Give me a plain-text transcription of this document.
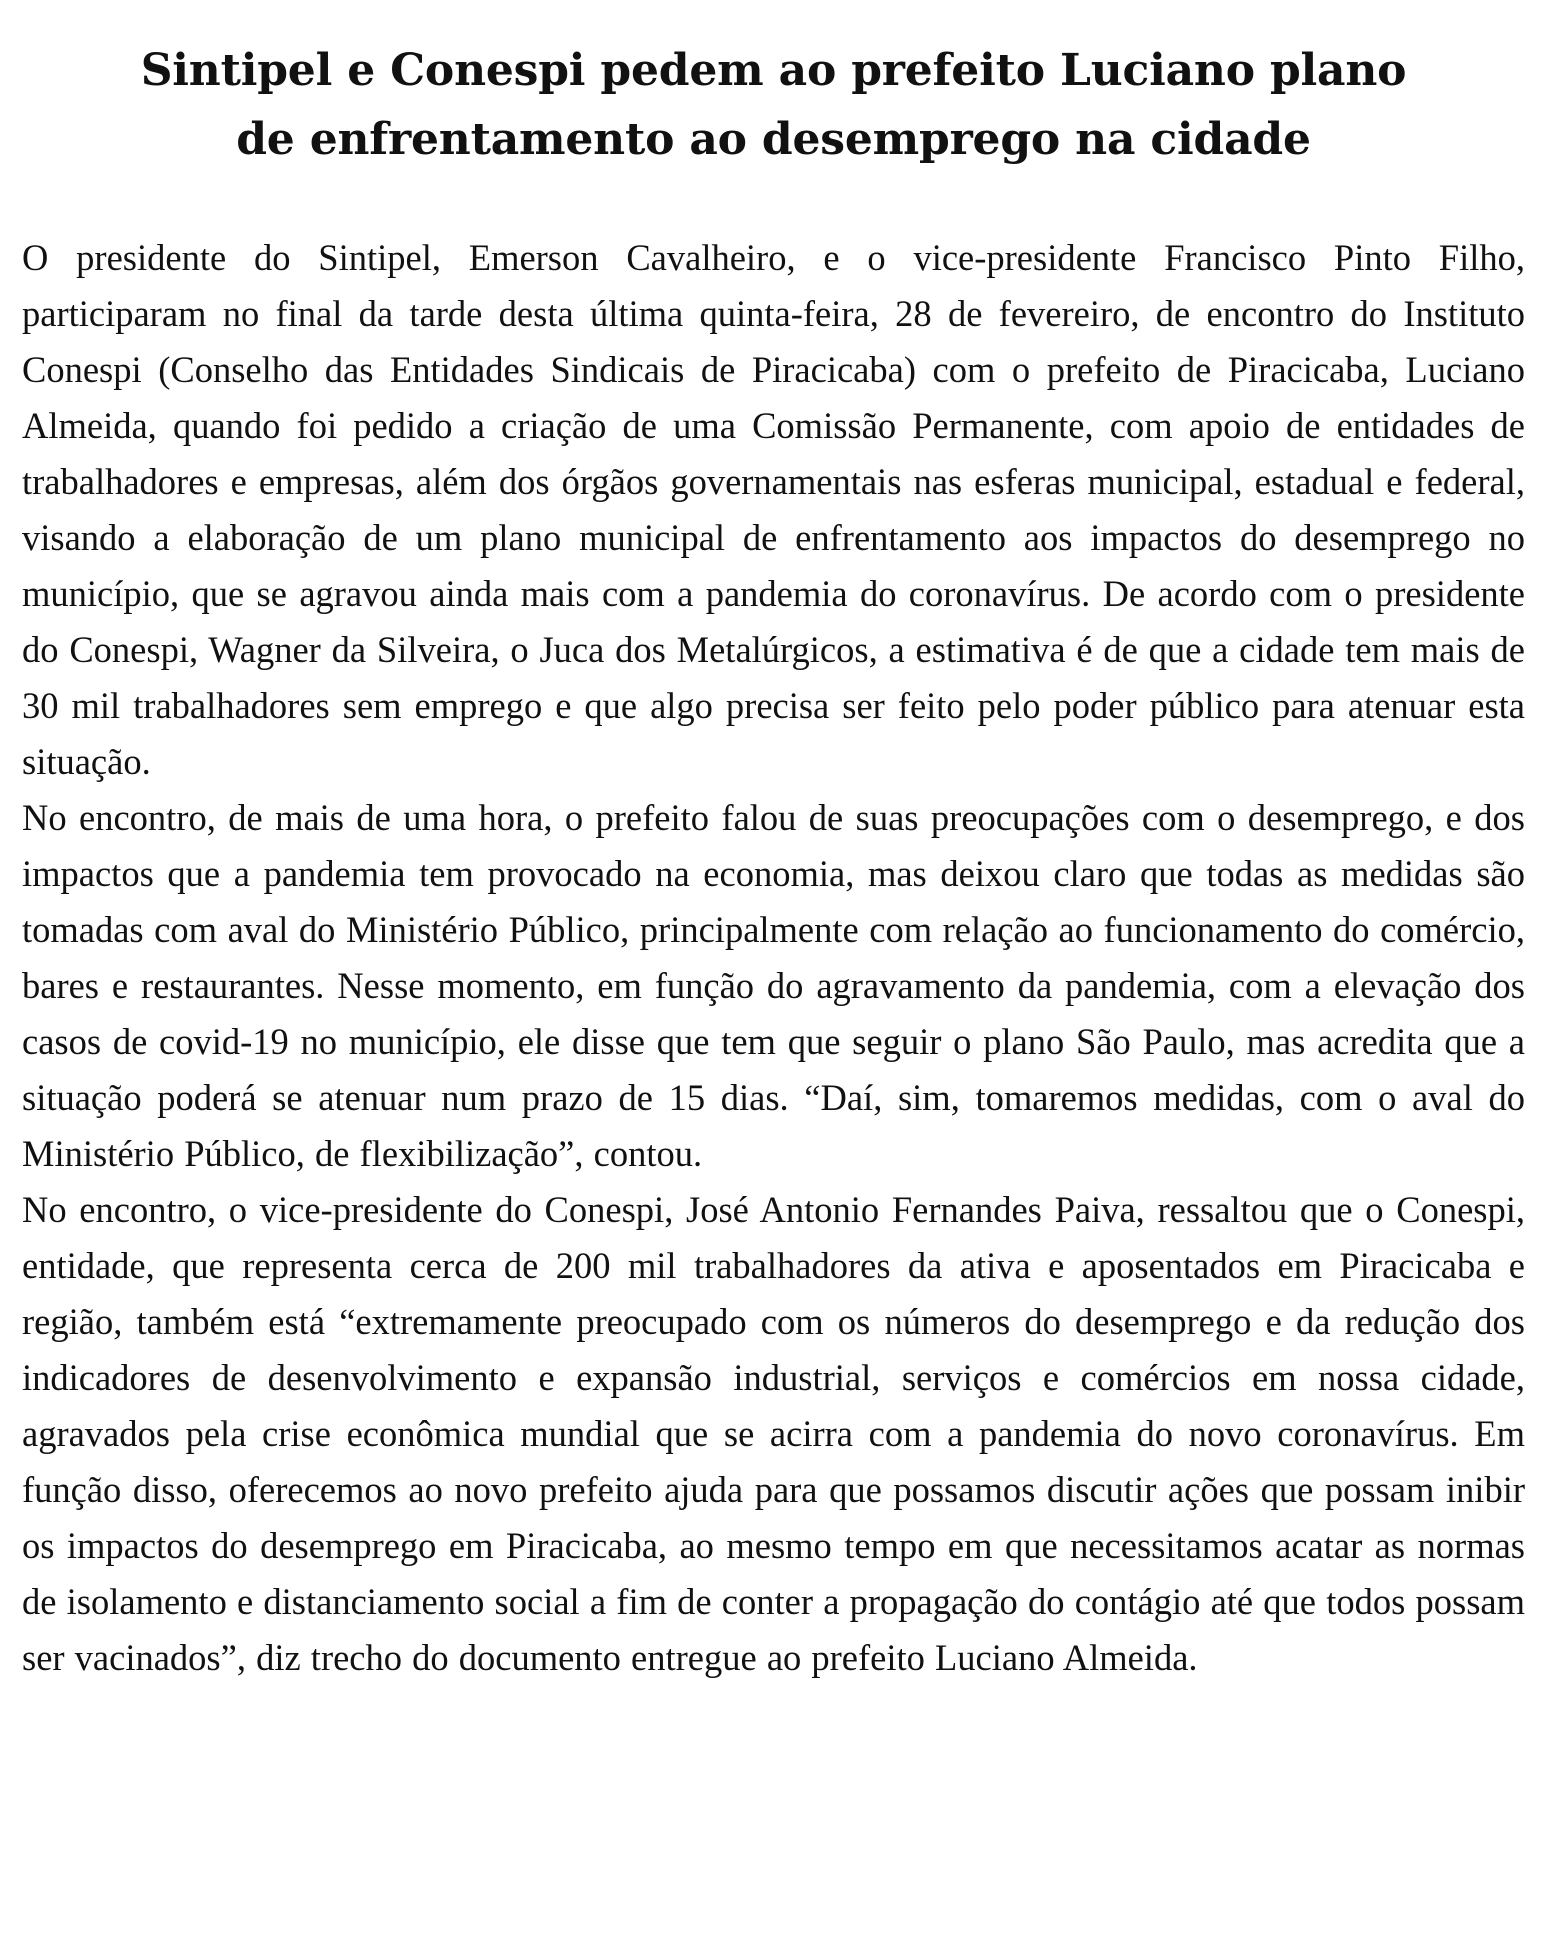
Sintipel e Conespi pedem ao prefeito Luciano plano
de enfrentamento ao desemprego na cidade

O presidente do Sintipel, Emerson Cavalheiro, e o vice-presidente Francisco Pinto Filho, participaram no final da tarde desta última quinta-feira, 28 de fevereiro, de encontro do Instituto Conespi (Conselho das Entidades Sindicais de Piracicaba) com o prefeito de Piracicaba, Luciano Almeida, quando foi pedido a criação de uma Comissão Permanente, com apoio de entidades de trabalhadores e empresas, além dos órgãos governamentais nas esferas municipal, estadual e federal, visando a elaboração de um plano municipal de enfrentamento aos impactos do desemprego no município, que se agravou ainda mais com a pandemia do coronavírus. De acordo com o presidente do Conespi, Wagner da Silveira, o Juca dos Metalúrgicos, a estimativa é de que a cidade tem mais de 30 mil trabalhadores sem emprego e que algo precisa ser feito pelo poder público para atenuar esta situação.

No encontro, de mais de uma hora, o prefeito falou de suas preocupações com o desemprego, e dos impactos que a pandemia tem provocado na economia, mas deixou claro que todas as medidas são tomadas com aval do Ministério Público, principalmente com relação ao funcionamento do comércio, bares e restaurantes. Nesse momento, em função do agravamento da pandemia, com a elevação dos casos de covid-19 no município, ele disse que tem que seguir o plano São Paulo, mas acredita que a situação poderá se atenuar num prazo de 15 dias. “Daí, sim, tomaremos medidas, com o aval do Ministério Público, de flexibilização”, contou.

No encontro, o vice-presidente do Conespi, José Antonio Fernandes Paiva, ressaltou que o Conespi, entidade, que representa cerca de 200 mil trabalhadores da ativa e aposentados em Piracicaba e região, também está “extremamente preocupado com os números do desemprego e da redução dos indicadores de desenvolvimento e expansão industrial, serviços e comércios em nossa cidade, agravados pela crise econômica mundial que se acirra com a pandemia do novo coronavírus. Em função disso, oferecemos ao novo prefeito ajuda para que possamos discutir ações que possam inibir os impactos do desemprego em Piracicaba, ao mesmo tempo em que necessitamos acatar as normas de isolamento e distanciamento social a fim de conter a propagação do contágio até que todos possam ser vacinados”, diz trecho do documento entregue ao prefeito Luciano Almeida.
